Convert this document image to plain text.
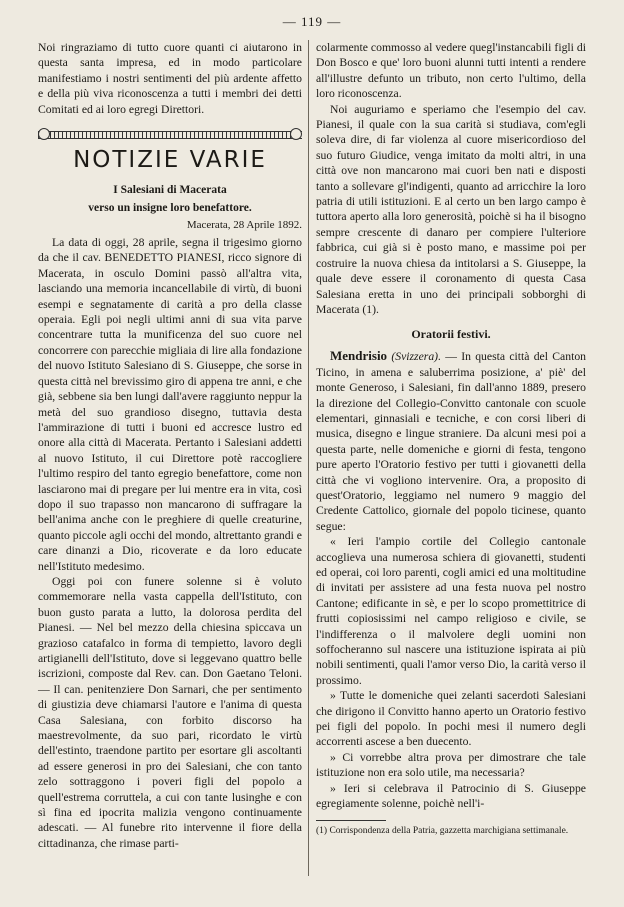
— 119 —

Noi ringraziamo di tutto cuore quanti ci aiutarono in questa santa impresa, ed in modo particolare manifestiamo i nostri sentimenti del più ardente affetto e della più viva riconoscenza a tutti i membri dei detti Comitati ed ai loro egregi Direttori.

NOTIZIE VARIE
I Salesiani di Macerata
verso un insigne loro benefattore.
Macerata, 28 Aprile 1892.

La data di oggi, 28 aprile, segna il trigesimo giorno da che il cav. BENEDETTO PIANESI, ricco signore di Macerata, in osculo Domini passò all'altra vita, lasciando una memoria incancellabile di virtù, di buoni esempi e segnatamente di carità a pro della classe operaia. Egli poi negli ultimi anni di sua vita parve concentrare tutta la munificenza del suo cuore nel concorrere con parecchie migliaia di lire alla fondazione del nuovo Istituto Salesiano di S. Giuseppe, che sorse in questa città nel brevissimo giro di appena tre anni, e che già, sebbene sia ben lungi dall'avere raggiunto neppur la metà del suo grandioso disegno, tuttavia desta l'ammirazione di tutti i buoni ed accresce lustro ed onore alla città di Macerata. Pertanto i Salesiani addetti al nuovo Istituto, il cui Direttore potè raccogliere l'ultimo respiro del tanto egregio benefattore, come non lasciarono mai di pregare per lui mentre era in vita, così dopo il suo trapasso non mancarono di suffragare la bell'anima anche con le preghiere di quelle creaturine, quanto piccole agli occhi del mondo, altrettanto grandi e care dinanzi a Dio, ricoverate e da loro educate nell'Istituto medesimo.

Oggi poi con funere solenne si è voluto commemorare nella vasta cappella dell'Istituto, con buon gusto parata a lutto, la dolorosa perdita del Pianesi. — Nel bel mezzo della chiesina spiccava un grazioso catafalco in forma di tempietto, lavoro degli artigianelli dell'Istituto, dove si leggevano quattro belle iscrizioni, composte dal Rev. can. Don Gaetano Teloni. — Il can. penitenziere Don Sarnari, che per sentimento di giustizia deve chiamarsi l'autore e l'anima di questa Casa Salesiana, con forbito discorso ha maestrevolmente, da suo pari, ricordato le virtù dell'estinto, traendone partito per esortare gli ascoltanti ad essere generosi in pro dei Salesiani, che con tanto zelo sottraggono i poveri figli del popolo a quell'estrema corruttela, a cui con tante lusinghe e con sì fina ed ipocrita malizia vengono continuamente adescati. — Al funebre rito intervenne il fiore della cittadinanza, che rimase parti-

colarmente commosso al vedere quegl'instancabili figli di Don Bosco e que' loro buoni alunni tutti intenti a rendere all'illustre defunto un tributo, non certo l'ultimo, della loro riconoscenza.

Noi auguriamo e speriamo che l'esempio del cav. Pianesi, il quale con la sua carità si studiava, com'egli soleva dire, di far violenza al cuore misericordioso del suo futuro Giudice, venga imitato da molti altri, in una città ove non mancarono mai cuori ben nati e disposti tanto a sollevare gl'indigenti, quanto ad arricchire la loro patria di utili istituzioni. E al certo un ben largo campo è tuttora aperto alla loro generosità, poichè si ha il bisogno sempre crescente di danaro per compiere l'ulteriore fabbrica, cui già si è posto mano, e massime poi per costruire la nuova chiesa da intitolarsi a S. Giuseppe, la quale deve essere il coronamento di questa Casa Salesiana eretta in uno dei principali sobborghi di Macerata (1).

Oratorii festivi.

Mendrisio (Svizzera). — In questa città del Canton Ticino, in amena e saluberrima posizione, a' piè' del monte Generoso, i Salesiani, fin dall'anno 1889, presero la direzione del Collegio-Convitto cantonale con scuole elementari, ginnasiali e tecniche, e con corsi liberi di musica, disegno e lingue straniere. Da alcuni mesi poi a questa parte, nelle domeniche e giorni di festa, tengono pure aperto l'Oratorio festivo per tutti i giovanetti della città che vi vogliono intervenire. Ora, a proposito di quest'Oratorio, leggiamo nel numero 9 maggio del Credente Cattolico, giornale del popolo ticinese, quanto segue:

« Ieri l'ampio cortile del Collegio cantonale accoglieva una numerosa schiera di giovanetti, studenti ed operai, coi loro parenti, cogli amici ed una moltitudine di invitati per assistere ad una festa nuova pel nostro Cantone; edificante in sè, e per lo scopo promettitrice di frutti copiosissimi nel campo religioso e civile, se l'indifferenza o il malvolere degli uomini non soffocheranno sul nascere una istituzione ispirata ai più nobili sentimenti, quali l'amor verso Dio, la carità verso il prossimo.

» Tutte le domeniche quei zelanti sacerdoti Salesiani che dirigono il Convitto hanno aperto un Oratorio festivo pei figli del popolo. In pochi mesi il numero degli accorrenti ascese a ben duecento.

» Ci vorrebbe altra prova per dimostrare che tale istituzione non era solo utile, ma necessaria?

» Ieri si celebrava il Patrocinio di S. Giuseppe egregiamente solenne, poichè nell'i-

(1) Corrispondenza della Patria, gazzetta marchigiana settimanale.
